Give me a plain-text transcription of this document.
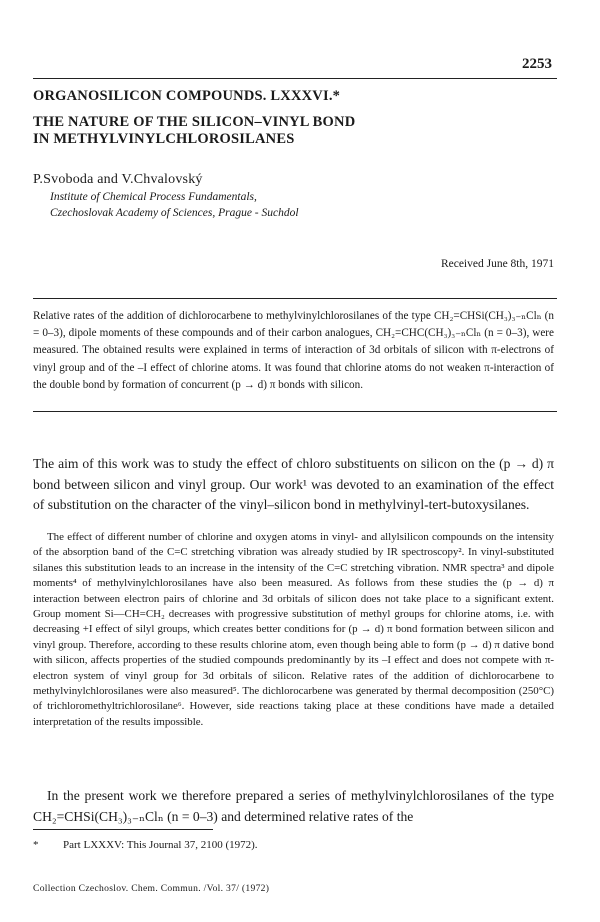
2253
ORGANOSILICON COMPOUNDS. LXXXVI.*
THE NATURE OF THE SILICON–VINYL BOND
IN METHYLVINYLCHLOROSILANES
P.Svoboda and V.Chvalovský
Institute of Chemical Process Fundamentals,
Czechoslovak Academy of Sciences, Prague - Suchdol
Received June 8th, 1971

Relative rates of the addition of dichlorocarbene to methylvinylchlorosilanes of the type CH₂=CHSi(CH₃)₃₋ₙClₙ (n = 0–3), dipole moments of these compounds and of their carbon analogues, CH₂=CHC(CH₃)₃₋ₙClₙ (n = 0–3), were measured. The obtained results were explained in terms of interaction of 3d orbitals of silicon with π-electrons of vinyl group and of the –I effect of chlorine atoms. It was found that chlorine atoms do not weaken π-interaction of the double bond by formation of concurrent (p → d) π bonds with silicon.

The aim of this work was to study the effect of chloro substituents on silicon on the (p → d) π bond between silicon and vinyl group. Our work¹ was devoted to an examination of the effect of substitution on the character of the vinyl–silicon bond in methylvinyl-tert-butoxysilanes.

The effect of different number of chlorine and oxygen atoms in vinyl- and allylsilicon compounds on the intensity of the absorption band of the C=C stretching vibration was already studied by IR spectroscopy². In vinyl-substituted silanes this substitution leads to an increase in the intensity of the C=C stretching vibration. NMR spectra³ and dipole moments⁴ of methylvinylchlorosilanes have also been measured. As follows from these studies the (p → d) π interaction between electron pairs of chlorine and 3d orbitals of silicon does not take place to a significant extent. Group moment Si—CH=CH₂ decreases with progressive substitution of methyl groups for chlorine atoms, i.e. with decreasing +I effect of silyl groups, which creates better conditions for (p → d) π bond formation between silicon and vinyl group. Therefore, according to these results chlorine atom, even though being able to form (p → d) π dative bond with silicon, affects properties of the studied compounds predominantly by its –I effect and does not compete with π-electron system of vinyl group for 3d orbitals of silicon. Relative rates of the addition of dichlorocarbene to methylvinylchlorosilanes were also measured⁵. The dichlorocarbene was generated by thermal decomposition (250°C) of trichloromethyltrichlorosilane⁶. However, side reactions taking place at these conditions have made a detailed interpretation of the results impossible.

In the present work we therefore prepared a series of methylvinylchlorosilanes of the type CH₂=CHSi(CH₃)₃₋ₙClₙ (n = 0–3) and determined relative rates of the

* Part LXXXV: This Journal 37, 2100 (1972).
Collection Czechoslov. Chem. Commun. /Vol. 37/ (1972)
